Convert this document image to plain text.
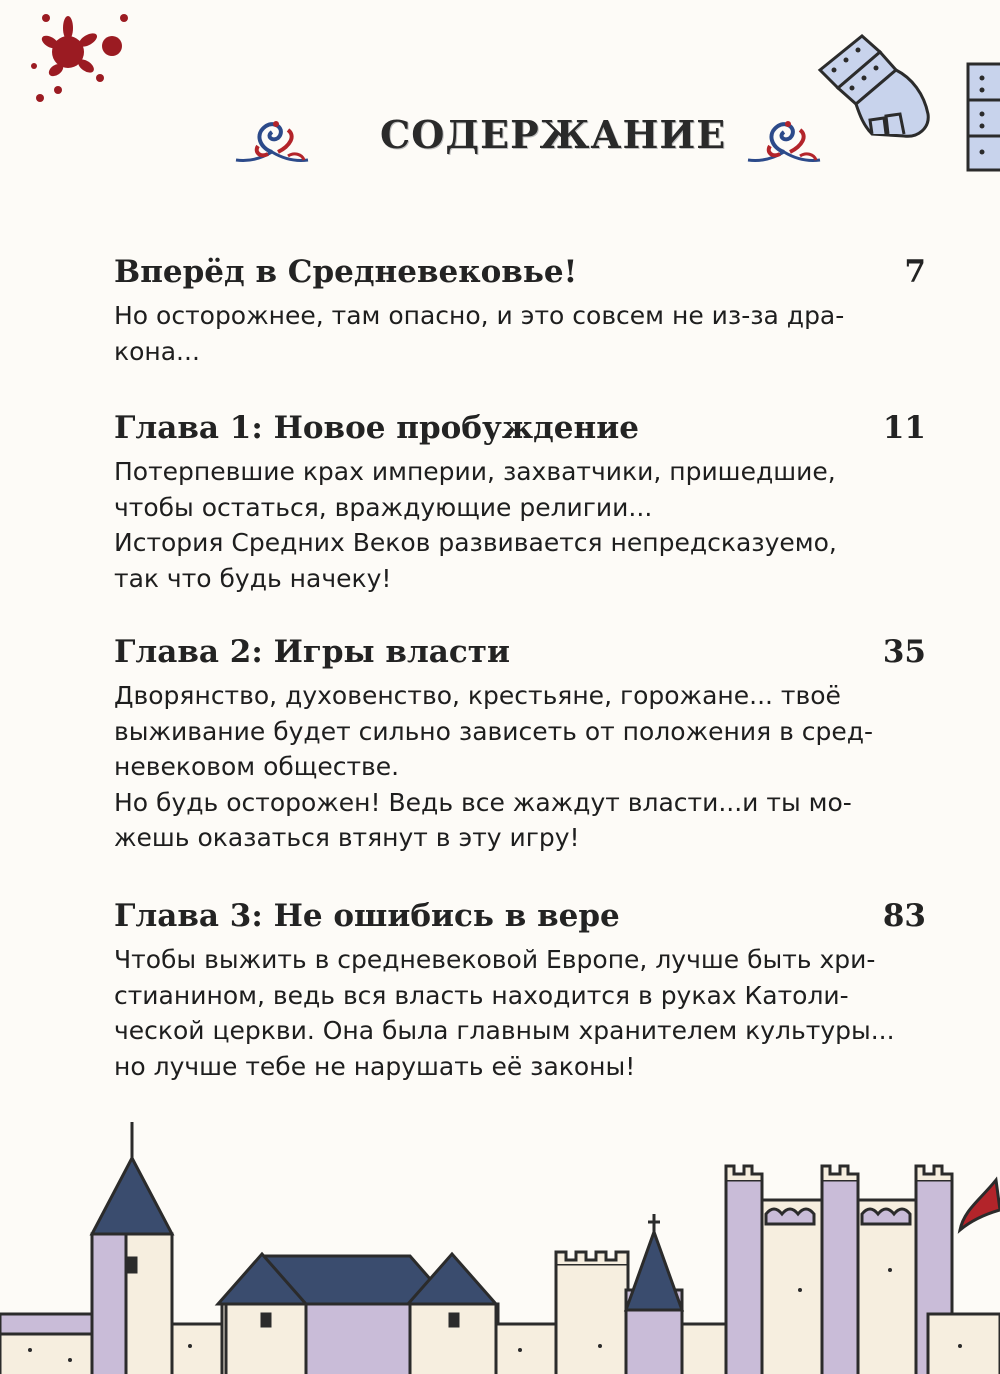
СОДЕРЖАНИЕ
Вперёд в Средневековье!	7
Но осторожнее, там опасно, и это совсем не из-за дра-
кона...
Глава 1: Новое пробуждение	11
Потерпевшие крах империи, захватчики, пришедшие,
чтобы остаться, враждующие религии...
История Средних Веков развивается непредсказуемо,
так что будь начеку!
Глава 2: Игры власти	35
Дворянство, духовенство, крестьяне, горожане... твоё
выживание будет сильно зависеть от положения в сред-
невековом обществе.
Но будь осторожен! Ведь все жаждут власти...и ты мо-
жешь оказаться втянут в эту игру!
Глава 3: Не ошибись в вере	83
Чтобы выжить в средневековой Европе, лучше быть хри-
стианином, ведь вся власть находится в руках Католи-
ческой церкви. Она была главным хранителем культуры...
но лучше тебе не нарушать её законы!
